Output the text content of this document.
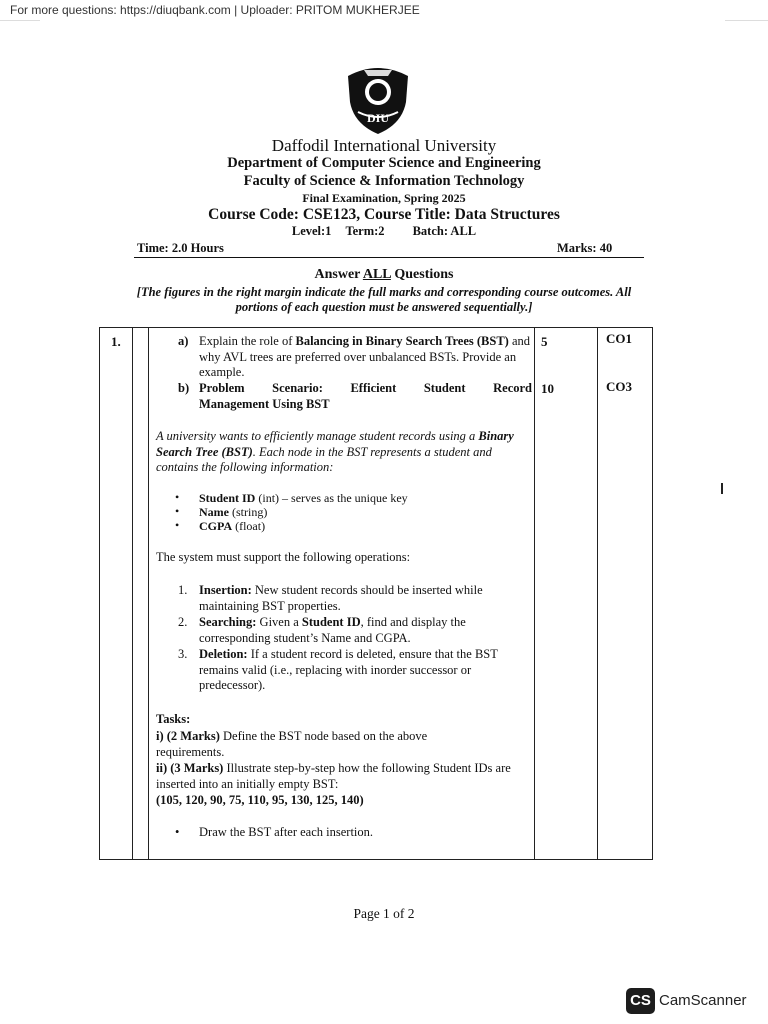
For more questions: https://diuqbank.com | Uploader: PRITOM MUKHERJEE
DIU
Daffodil International University
Department of Computer Science and Engineering
Faculty of Science & Information Technology
Final Examination, Spring 2025
Course Code: CSE123, Course Title: Data Structures
Level:1 Term:2 Batch: ALL
Time: 2.0 Hours	Marks: 40
Answer ALL Questions
[The figures in the right margin indicate the full marks and corresponding course outcomes. All portions of each question must be answered sequentially.]
1.	a) Explain the role of Balancing in Binary Search Trees (BST) and why AVL trees are preferred over unbalanced BSTs. Provide an example.
5	CO1
b) Problem Scenario: Efficient Student Record
Management Using BST
10	CO3
A university wants to efficiently manage student records using a Binary Search Tree (BST). Each node in the BST represents a student and contains the following information:
• Student ID (int) – serves as the unique key
• Name (string)
• CGPA (float)
The system must support the following operations:
1. Insertion: New student records should be inserted while maintaining BST properties.
2. Searching: Given a Student ID, find and display the corresponding student’s Name and CGPA.
3. Deletion: If a student record is deleted, ensure that the BST remains valid (i.e., replacing with inorder successor or predecessor).
Tasks:
i) (2 Marks) Define the BST node based on the above requirements.
ii) (3 Marks) Illustrate step-by-step how the following Student IDs are inserted into an initially empty BST:
(105, 120, 90, 75, 110, 95, 130, 125, 140)
• Draw the BST after each insertion.
Page 1 of 2
CS CamScanner
